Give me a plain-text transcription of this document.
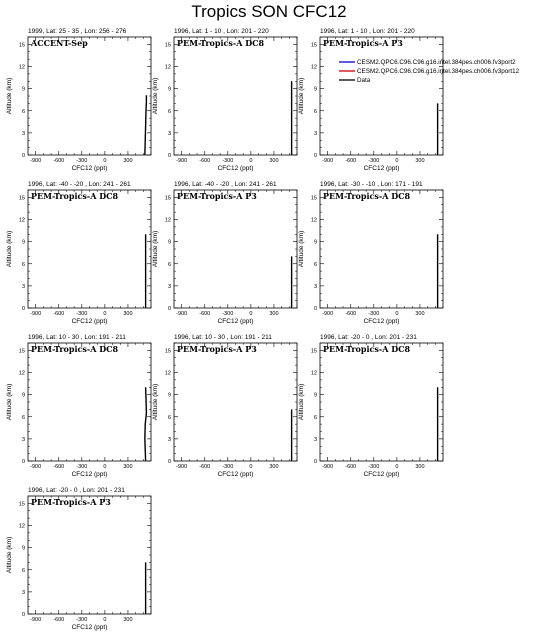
Tropics SON CFC12
1999, Lat: 25 - 35 , Lon: 256 - 276
ACCENT-Sep
0
3
6
9
12
15
-900 -600 -300	0	300
CFC12 (ppt)
Altitude (km)
1996, Lat: 1 - 10 , Lon: 201 - 220
PEM-Tropics-A DC8
0
3
6
9
12
15
-900 -600 -300	0	300
CFC12 (ppt)
Altitude (km)
1996, Lat: 1 - 10 , Lon: 201 - 220
PEM-Tropics-A P3
0
3
6
9
12
15
-900 -600 -300	0	300
CFC12 (ppt)
Altitude (km)
1996, Lat: -40 - -20 , Lon: 241 - 261
PEM-Tropics-A DC8
0
3
6
9
12
15
-900 -600 -300	0	300
CFC12 (ppt)
Altitude (km)
1996, Lat: -40 - -20 , Lon: 241 - 261
PEM-Tropics-A P3
0
3
6
9
12
15
-900 -600 -300	0	300
CFC12 (ppt)
Altitude (km)
1996, Lat: -30 - -10 , Lon: 171 - 191
PEM-Tropics-A DC8
0
3
6
9
12
15
-900 -600 -300	0	300
CFC12 (ppt)
Altitude (km)
1996, Lat: 10 - 30 , Lon: 191 - 211
PEM-Tropics-A DC8
0
3
6
9
12
15
-900 -600 -300	0	300
CFC12 (ppt)
Altitude (km)
1996, Lat: 10 - 30 , Lon: 191 - 211
PEM-Tropics-A P3
0
3
6
9
12
15
-900 -600 -300	0	300
CFC12 (ppt)
Altitude (km)
1996, Lat: -20 - 0 , Lon: 201 - 231
PEM-Tropics-A DC8
0
3
6
9
12
15
-900 -600 -300	0	300
CFC12 (ppt)
Altitude (km)
1996, Lat: -20 - 0 , Lon: 201 - 231
PEM-Tropics-A P3
0
3
6
9
12
15
-900 -600 -300	0	300
CFC12 (ppt)
Altitude (km)
CESM2.QPC6.C96.C96.g16.intel.384pes.ch006.fv3port2
CESM2.QPC6.C96.C96.g16.intel.384pes.ch006.fv3port12
Data
